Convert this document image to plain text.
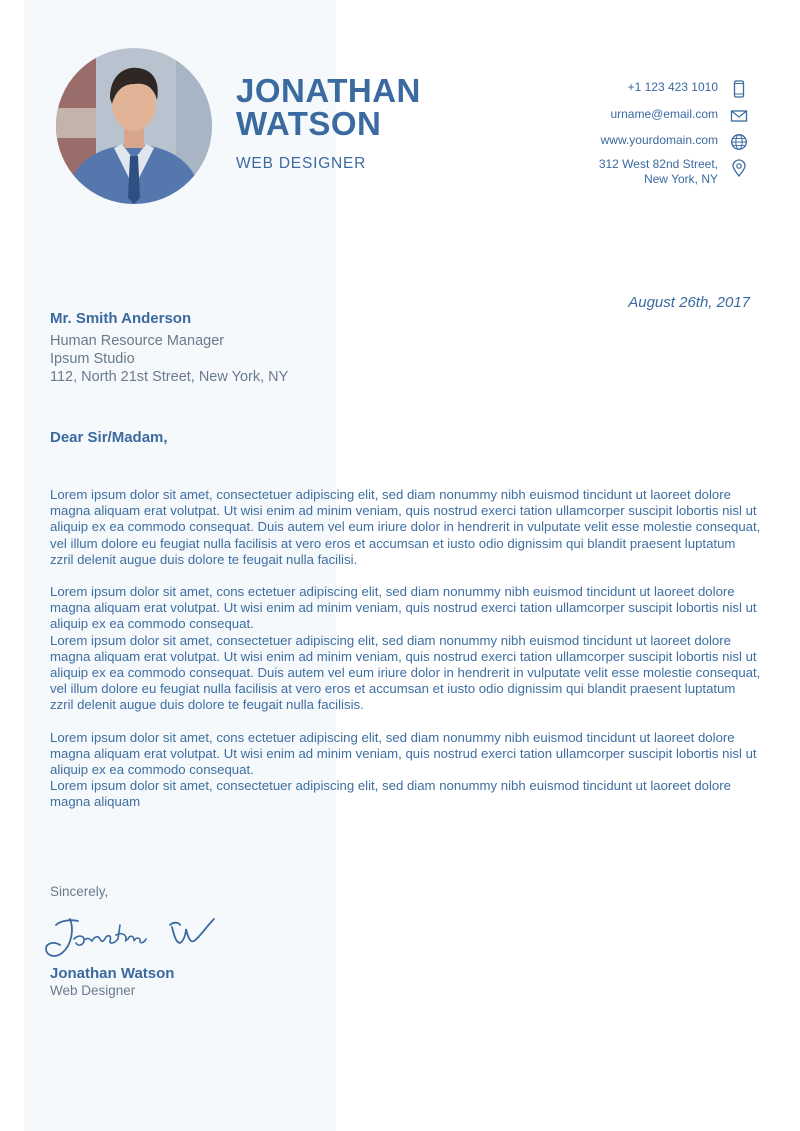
JONATHAN
WATSON
WEB DESIGNER
+1 123 423 1010
urname@email.com
www.yourdomain.com
312 West 82nd Street,
New York, NY
August 26th, 2017
Mr. Smith Anderson
Human Resource Manager
Ipsum Studio
112, North 21st Street, New York, NY
Dear Sir/Madam,

Lorem ipsum dolor sit amet, consectetuer adipiscing elit, sed diam nonummy nibh euismod tincidunt ut laoreet dolore magna aliquam erat volutpat. Ut wisi enim ad minim veniam, quis nostrud exerci tation ullamcorper suscipit lobortis nisl ut aliquip ex ea commodo consequat. Duis autem vel eum iriure dolor in hendrerit in vulputate velit esse molestie consequat, vel illum dolore eu feugiat nulla facilisis at vero eros et accumsan et iusto odio dignissim qui blandit praesent luptatum zzril delenit augue duis dolore te feugait nulla facilisi.

Lorem ipsum dolor sit amet, cons ectetuer adipiscing elit, sed diam nonummy nibh euismod tincidunt ut laoreet dolore magna aliquam erat volutpat. Ut wisi enim ad minim veniam, quis nostrud exerci tation ullamcorper suscipit lobortis nisl ut aliquip ex ea commodo consequat.
Lorem ipsum dolor sit amet, consectetuer adipiscing elit, sed diam nonummy nibh euismod tincidunt ut laoreet dolore magna aliquam erat volutpat. Ut wisi enim ad minim veniam, quis nostrud exerci tation ullamcorper suscipit lobortis nisl ut aliquip ex ea commodo consequat. Duis autem vel eum iriure dolor in hendrerit in vulputate velit esse molestie consequat, vel illum dolore eu feugiat nulla facilisis at vero eros et accumsan et iusto odio dignissim qui blandit praesent luptatum zzril delenit augue duis dolore te feugait nulla facilisis.

Lorem ipsum dolor sit amet, cons ectetuer adipiscing elit, sed diam nonummy nibh euismod tincidunt ut laoreet dolore magna aliquam erat volutpat. Ut wisi enim ad minim veniam, quis nostrud exerci tation ullamcorper suscipit lobortis nisl ut aliquip ex ea commodo consequat.
Lorem ipsum dolor sit amet, consectetuer adipiscing elit, sed diam nonummy nibh euismod tincidunt ut laoreet dolore magna aliquam

Sincerely,
Jonathan Watson
Web Designer
